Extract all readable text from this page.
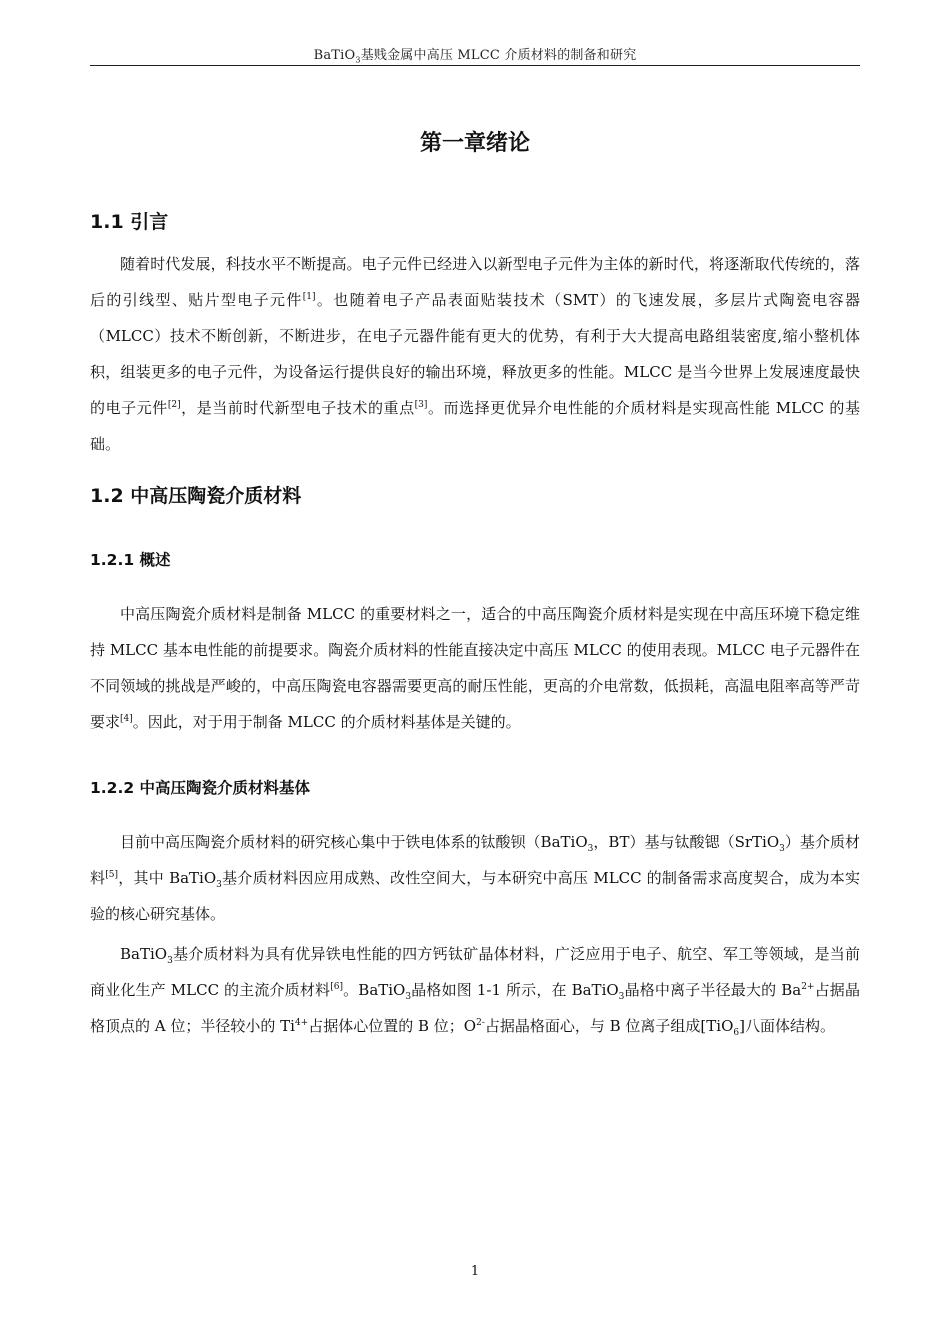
BaTiO$_3$基贱金属中高压 MLCC 介质材料的制备和研究
第一章绪论
1.1 引言

随着时代发展，科技水平不断提高。电子元件已经进入以新型电子元件为主体的新时代，将逐渐取代传统的，落后的引线型、贴片型电子元件[1]。也随着电子产品表面贴装技术（SMT）的飞速发展，多层片式陶瓷电容器（MLCC）技术不断创新，不断进步，在电子元器件能有更大的优势，有利于大大提高电路组装密度,缩小整机体积，组装更多的电子元件，为设备运行提供良好的输出环境，释放更多的性能。MLCC 是当今世界上发展速度最快的电子元件[2]，是当前时代新型电子技术的重点[3]。而选择更优异介电性能的介质材料是实现高性能 MLCC 的基础。

1.2 中高压陶瓷介质材料
1.2.1 概述

中高压陶瓷介质材料是制备 MLCC 的重要材料之一，适合的中高压陶瓷介质材料是实现在中高压环境下稳定维持 MLCC 基本电性能的前提要求。陶瓷介质材料的性能直接决定中高压 MLCC 的使用表现。MLCC 电子元器件在不同领域的挑战是严峻的，中高压陶瓷电容器需要更高的耐压性能，更高的介电常数，低损耗，高温电阻率高等严苛要求[4]。因此，对于用于制备 MLCC 的介质材料基体是关键的。

1.2.2 中高压陶瓷介质材料基体

目前中高压陶瓷介质材料的研究核心集中于铁电体系的钛酸钡（BaTiO$_3$，BT）基与钛酸锶（SrTiO$_3$）基介质材料[5]，其中 BaTiO$_3$基介质材料因应用成熟、改性空间大，与本研究中高压 MLCC 的制备需求高度契合，成为本实验的核心研究基体。

BaTiO$_3$基介质材料为具有优异铁电性能的四方钙钛矿晶体材料，广泛应用于电子、航空、军工等领域，是当前商业化生产 MLCC 的主流介质材料[6]。BaTiO$_3$晶格如图 1-1 所示，在 BaTiO$_3$晶格中离子半径最大的 $Ba^{2+}$占据晶格顶点的 A 位；半径较小的 $Ti^{4+}$占据体心位置的 B 位；$O^{2-}$占据晶格面心，与 B 位离子组成[TiO$_6$]八面体结构。

1
